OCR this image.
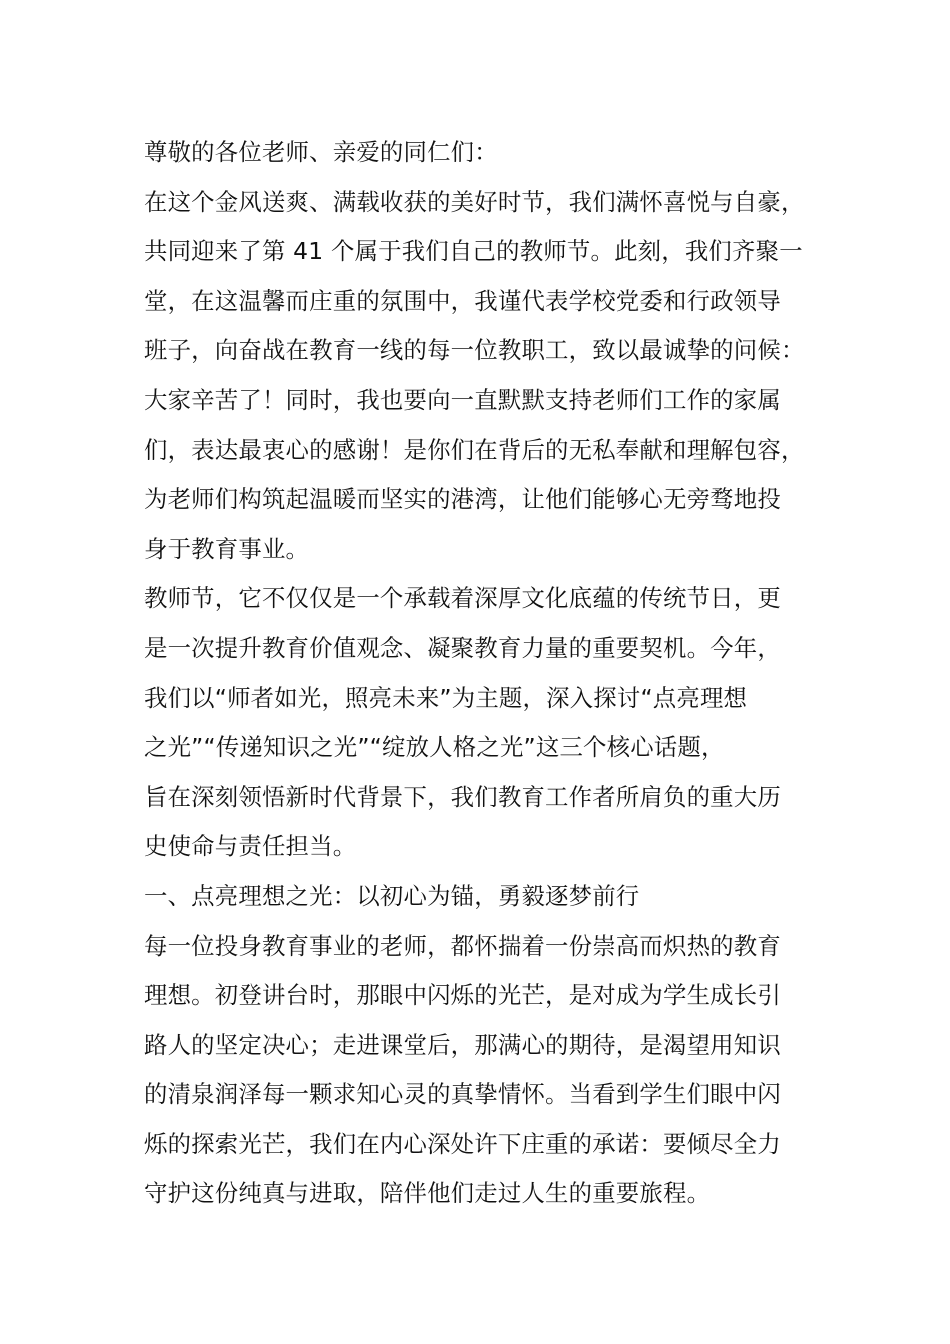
尊敬的各位老师、亲爱的同仁们：
在这个金风送爽、满载收获的美好时节，我们满怀喜悦与自豪，
共同迎来了第 41 个属于我们自己的教师节。此刻，我们齐聚一
堂，在这温馨而庄重的氛围中，我谨代表学校党委和行政领导
班子，向奋战在教育一线的每一位教职工，致以最诚挚的问候：
大家辛苦了！同时，我也要向一直默默支持老师们工作的家属
们，表达最衷心的感谢！是你们在背后的无私奉献和理解包容，
为老师们构筑起温暖而坚实的港湾，让他们能够心无旁骛地投
身于教育事业。
教师节，它不仅仅是一个承载着深厚文化底蕴的传统节日，更
是一次提升教育价值观念、凝聚教育力量的重要契机。今年，
我们以“师者如光，照亮未来”为主题，深入探讨“点亮理想
之光”“传递知识之光”“绽放人格之光”这三个核心话题，
旨在深刻领悟新时代背景下，我们教育工作者所肩负的重大历
史使命与责任担当。
一、点亮理想之光：以初心为锚，勇毅逐梦前行
每一位投身教育事业的老师，都怀揣着一份崇高而炽热的教育
理想。初登讲台时，那眼中闪烁的光芒，是对成为学生成长引
路人的坚定决心；走进课堂后，那满心的期待，是渴望用知识
的清泉润泽每一颗求知心灵的真挚情怀。当看到学生们眼中闪
烁的探索光芒，我们在内心深处许下庄重的承诺：要倾尽全力
守护这份纯真与进取，陪伴他们走过人生的重要旅程。
